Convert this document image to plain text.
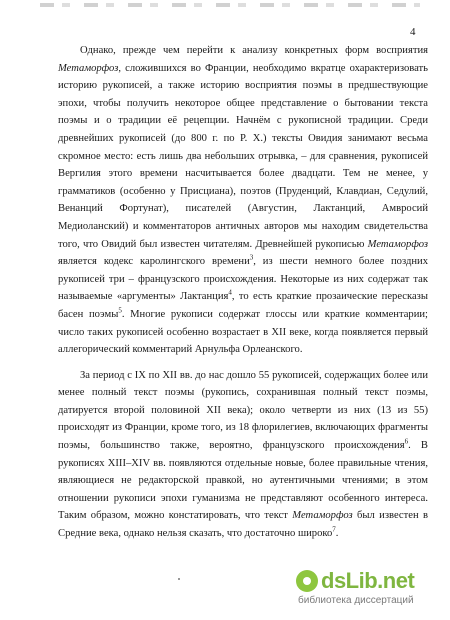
4

Однако, прежде чем перейти к анализу конкретных форм восприятия Метаморфоз, сложившихся во Франции, необходимо вкратце охарактеризовать историю рукописей, а также историю восприятия поэмы в предшествующие эпохи, чтобы получить некоторое общее представление о бытовании текста поэмы и о традиции её рецепции. Начнём с рукописной традиции. Среди древнейших рукописей (до 800 г. по Р. Х.) тексты Овидия занимают весьма скромное место: есть лишь два небольших отрывка, – для сравнения, рукописей Вергилия этого времени насчитывается более двадцати. Тем не менее, у грамматиков (особенно у Присциана), поэтов (Пруденций, Клавдиан, Седулий, Венанций Фортунат), писателей (Августин, Лактанций, Амвросий Медиоланский) и комментаторов античных авторов мы находим свидетельства того, что Овидий был известен читателям. Древнейшей рукописью Метаморфоз является кодекс каролингского времени$^3$, из шести немного более поздних рукописей три – французского происхождения. Некоторые из них содержат так называемые «аргументы» Лактанция$^4$, то есть краткие прозаические пересказы басен поэмы$^5$. Многие рукописи содержат глоссы или краткие комментарии; число таких рукописей особенно возрастает в XII веке, когда появляется первый аллегорический комментарий Арнульфа Орлеанского.

За период с IX по XII вв. до нас дошло 55 рукописей, содержащих более или менее полный текст поэмы (рукопись, сохранившая полный текст поэмы, датируется второй половиной XII века); около четверти из них (13 из 55) происходят из Франции, кроме того, из 18 флорилегиев, включающих фрагменты поэмы, большинство также, вероятно, французского происхождения$^6$. В рукописях XIII–XIV вв. появляются отдельные новые, более правильные чтения, являющиеся не редакторской правкой, но аутентичными чтениями; в этом отношении рукописи эпохи гуманизма не представляют особенного интереса. Таким образом, можно констатировать, что текст Метаморфоз был известен в Средние века, однако нельзя сказать, что достаточно широко$^7$.

dsLib.net
библиотека диссертаций
